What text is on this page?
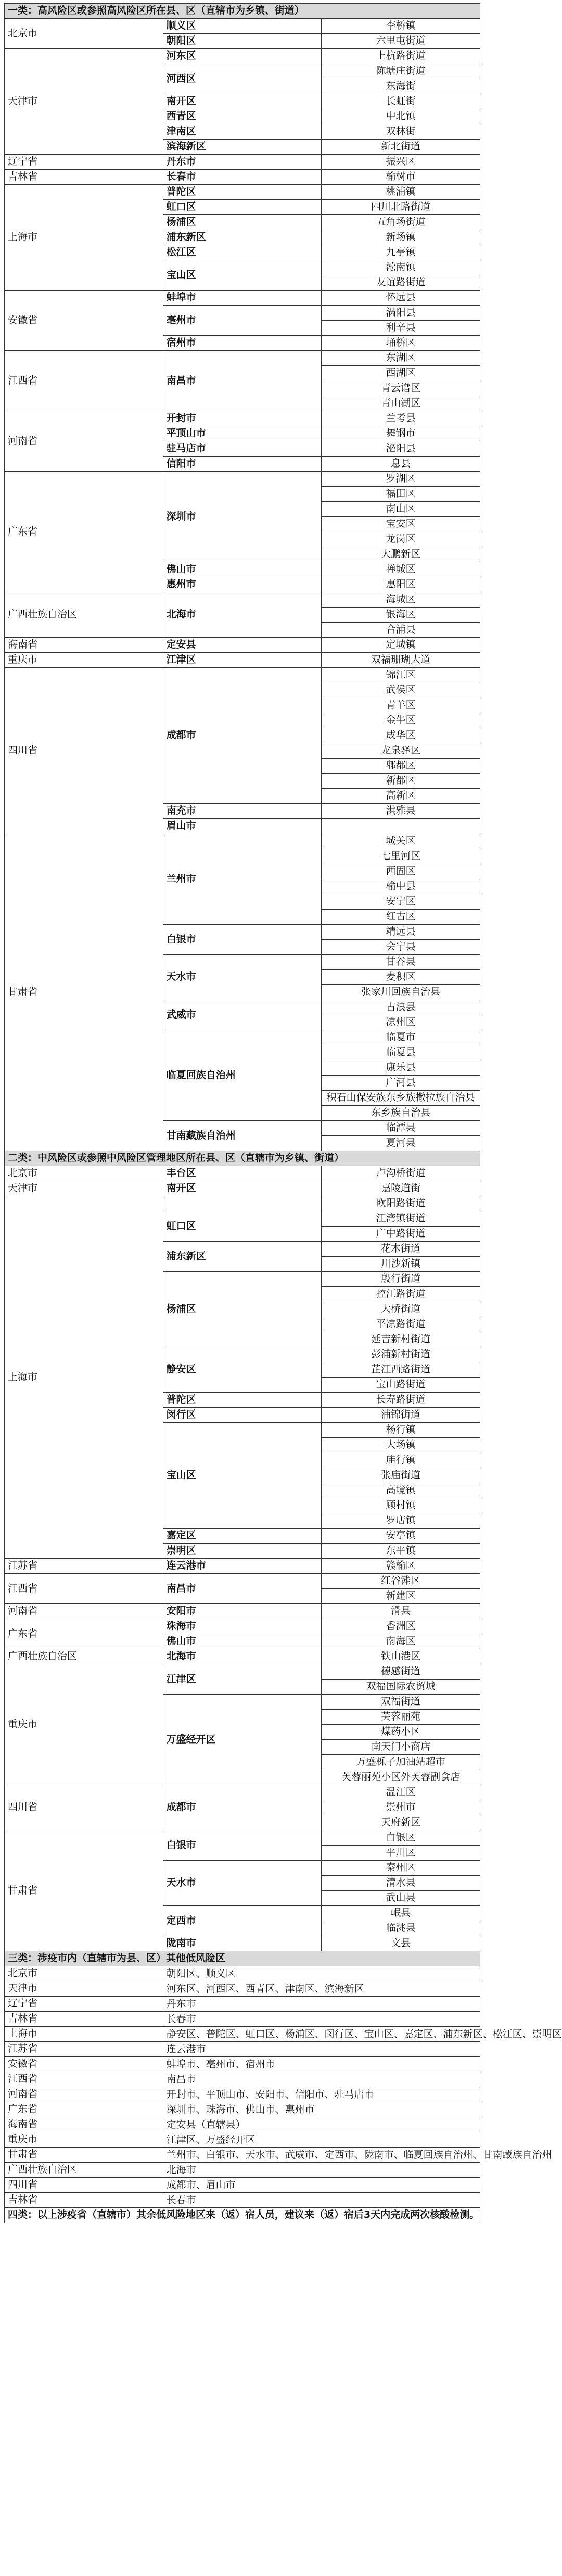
一类：高风险区或参照高风险区所在县、区（直辖市为乡镇、街道）		
北京市	顺义区	李桥镇
	朝阳区	六里屯街道
天津市	河东区	上杭路街道
	河西区	陈塘庄街道
		东海街
	南开区	长虹街
	西青区	中北镇
	津南区	双林街
	滨海新区	新北街道
辽宁省	丹东市	振兴区
吉林省	长春市	榆树市
上海市	普陀区	桃浦镇
	虹口区	四川北路街道
	杨浦区	五角场街道
	浦东新区	新场镇
	松江区	九亭镇
	宝山区	淞南镇
		友谊路街道
安徽省	蚌埠市	怀远县
	亳州市	涡阳县
		利辛县
	宿州市	埇桥区
江西省	南昌市	东湖区
		西湖区
		青云谱区
		青山湖区
河南省	开封市	兰考县
	平顶山市	舞钢市
	驻马店市	泌阳县
	信阳市	息县
广东省	深圳市	罗湖区
		福田区
		南山区
		宝安区
		龙岗区
		大鹏新区
	佛山市	禅城区
	惠州市	惠阳区
广西壮族自治区	北海市	海城区
		银海区
		合浦县
海南省	定安县	定城镇
重庆市	江津区	双福珊瑚大道
四川省	成都市	锦江区
		武侯区
		青羊区
		金牛区
		成华区
		龙泉驿区
		郫都区
		新都区
		高新区
	南充市	洪雅县
	眉山市	
甘肃省	兰州市	城关区
		七里河区
		西固区
		榆中县
		安宁区
		红古区
	白银市	靖远县
		会宁县
	天水市	甘谷县
		麦积区
		张家川回族自治县
	武威市	古浪县
		凉州区
	临夏回族自治州	临夏市
		临夏县
		康乐县
		广河县
		积石山保安族东乡族撒拉族自治县
		东乡族自治县
	甘南藏族自治州	临潭县
		夏河县
二类：中风险区或参照中风险区管理地区所在县、区（直辖市为乡镇、街道）		
北京市	丰台区	卢沟桥街道
天津市	南开区	嘉陵道街
上海市		欧阳路街道
	虹口区	江湾镇街道
		广中路街道
	浦东新区	花木街道
		川沙新镇
	杨浦区	殷行街道
		控江路街道
		大桥街道
		平凉路街道
		延吉新村街道
	静安区	彭浦新村街道
		芷江西路街道
		宝山路街道
	普陀区	长寿路街道
	闵行区	浦锦街道
	宝山区	杨行镇
		大场镇
		庙行镇
		张庙街道
		高境镇
		顾村镇
		罗店镇
	嘉定区	安亭镇
	崇明区	东平镇
江苏省	连云港市	赣榆区
江西省	南昌市	红谷滩区
		新建区
河南省	安阳市	滑县
广东省	珠海市	香洲区
	佛山市	南海区
广西壮族自治区	北海市	铁山港区
重庆市	江津区	德感街道
		双福国际农贸城
	万盛经开区	双福街道
		芙蓉丽苑
		煤药小区
		南天门小商店
		万盛栎子加油站超市
		芙蓉丽苑小区外芙蓉副食店
四川省	成都市	温江区
		崇州市
		天府新区
甘肃省	白银市	白银区
		平川区
	天水市	秦州区
		清水县
		武山县
	定西市	岷县
		临洮县
	陇南市	文县
三类：涉疫市内（直辖市为县、区）其他低风险区		
北京市	朝阳区、顺义区	
天津市	河东区、河西区、西青区、津南区、滨海新区	
辽宁省	丹东市	
吉林省	长春市	
上海市	静安区、普陀区、虹口区、杨浦区、闵行区、宝山区、嘉定区、浦东新区、松江区、崇明区	
江苏省	连云港市	
安徽省	蚌埠市、亳州市、宿州市	
江西省	南昌市	
河南省	开封市、平顶山市、安阳市、信阳市、驻马店市	
广东省	深圳市、珠海市、佛山市、惠州市	
海南省	定安县（直辖县）	
重庆市	江津区、万盛经开区	
甘肃省	兰州市、白银市、天水市、武威市、定西市、陇南市、临夏回族自治州、甘南藏族自治州	
广西壮族自治区	北海市	
四川省	成都市、眉山市	
吉林省	长春市	
四类：以上涉疫省（直辖市）其余低风险地区来（返）宿人员，建议来（返）宿后3天内完成两次核酸检测。		
